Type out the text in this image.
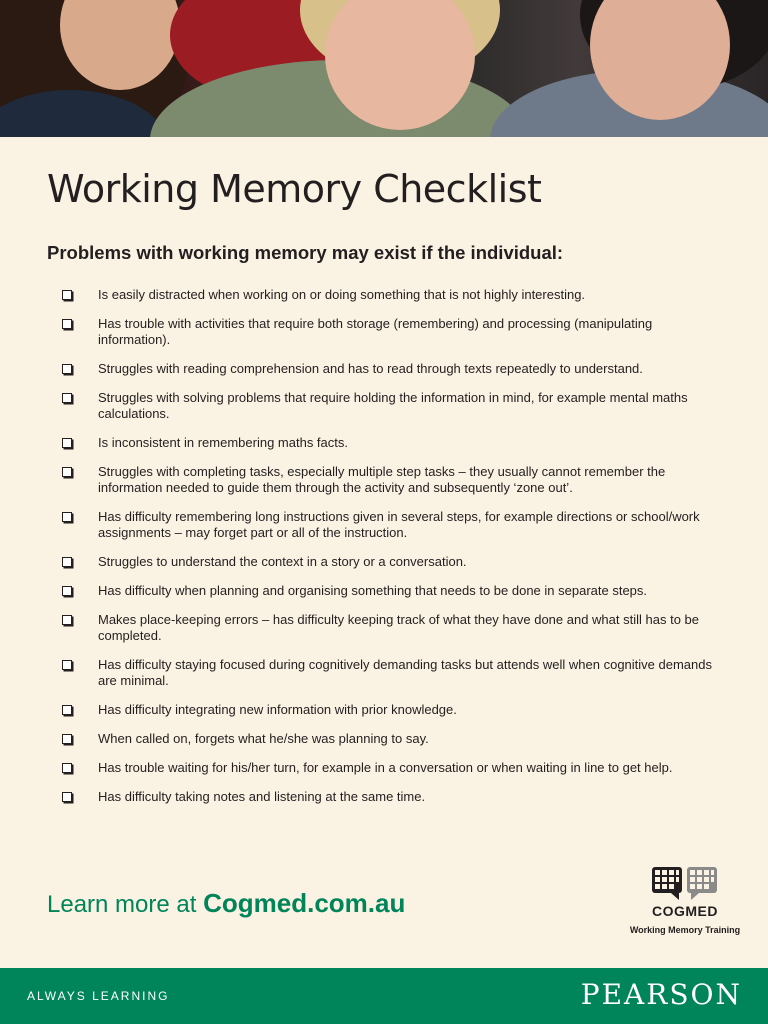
Working Memory Checklist
Problems with working memory may exist if the individual:
Is easily distracted when working on or doing something that is not highly interesting.
Has trouble with activities that require both storage (remembering) and processing (manipulating information).
Struggles with reading comprehension and has to read through texts repeatedly to understand.
Struggles with solving problems that require holding the information in mind, for example mental maths calculations.
Is inconsistent in remembering maths facts.
Struggles with completing tasks, especially multiple step tasks – they usually cannot remember the information needed to guide them through the activity and subsequently ‘zone out’.
Has difficulty remembering long instructions given in several steps, for example directions or school/work assignments – may forget part or all of the instruction.
Struggles to understand the context in a story or a conversation.
Has difficulty when planning and organising something that needs to be done in separate steps.
Makes place-keeping errors – has difficulty keeping track of what they have done and what still has to be completed.
Has difficulty staying focused during cognitively demanding tasks but attends well when cognitive demands are minimal.
Has difficulty integrating new information with prior knowledge.
When called on, forgets what he/she was planning to say.
Has trouble waiting for his/her turn, for example in a conversation or when waiting in line to get help.
Has difficulty taking notes and listening at the same time.
Learn more at Cogmed.com.au	COGMED
Working Memory Training
ALWAYS LEARNING	PEARSON
